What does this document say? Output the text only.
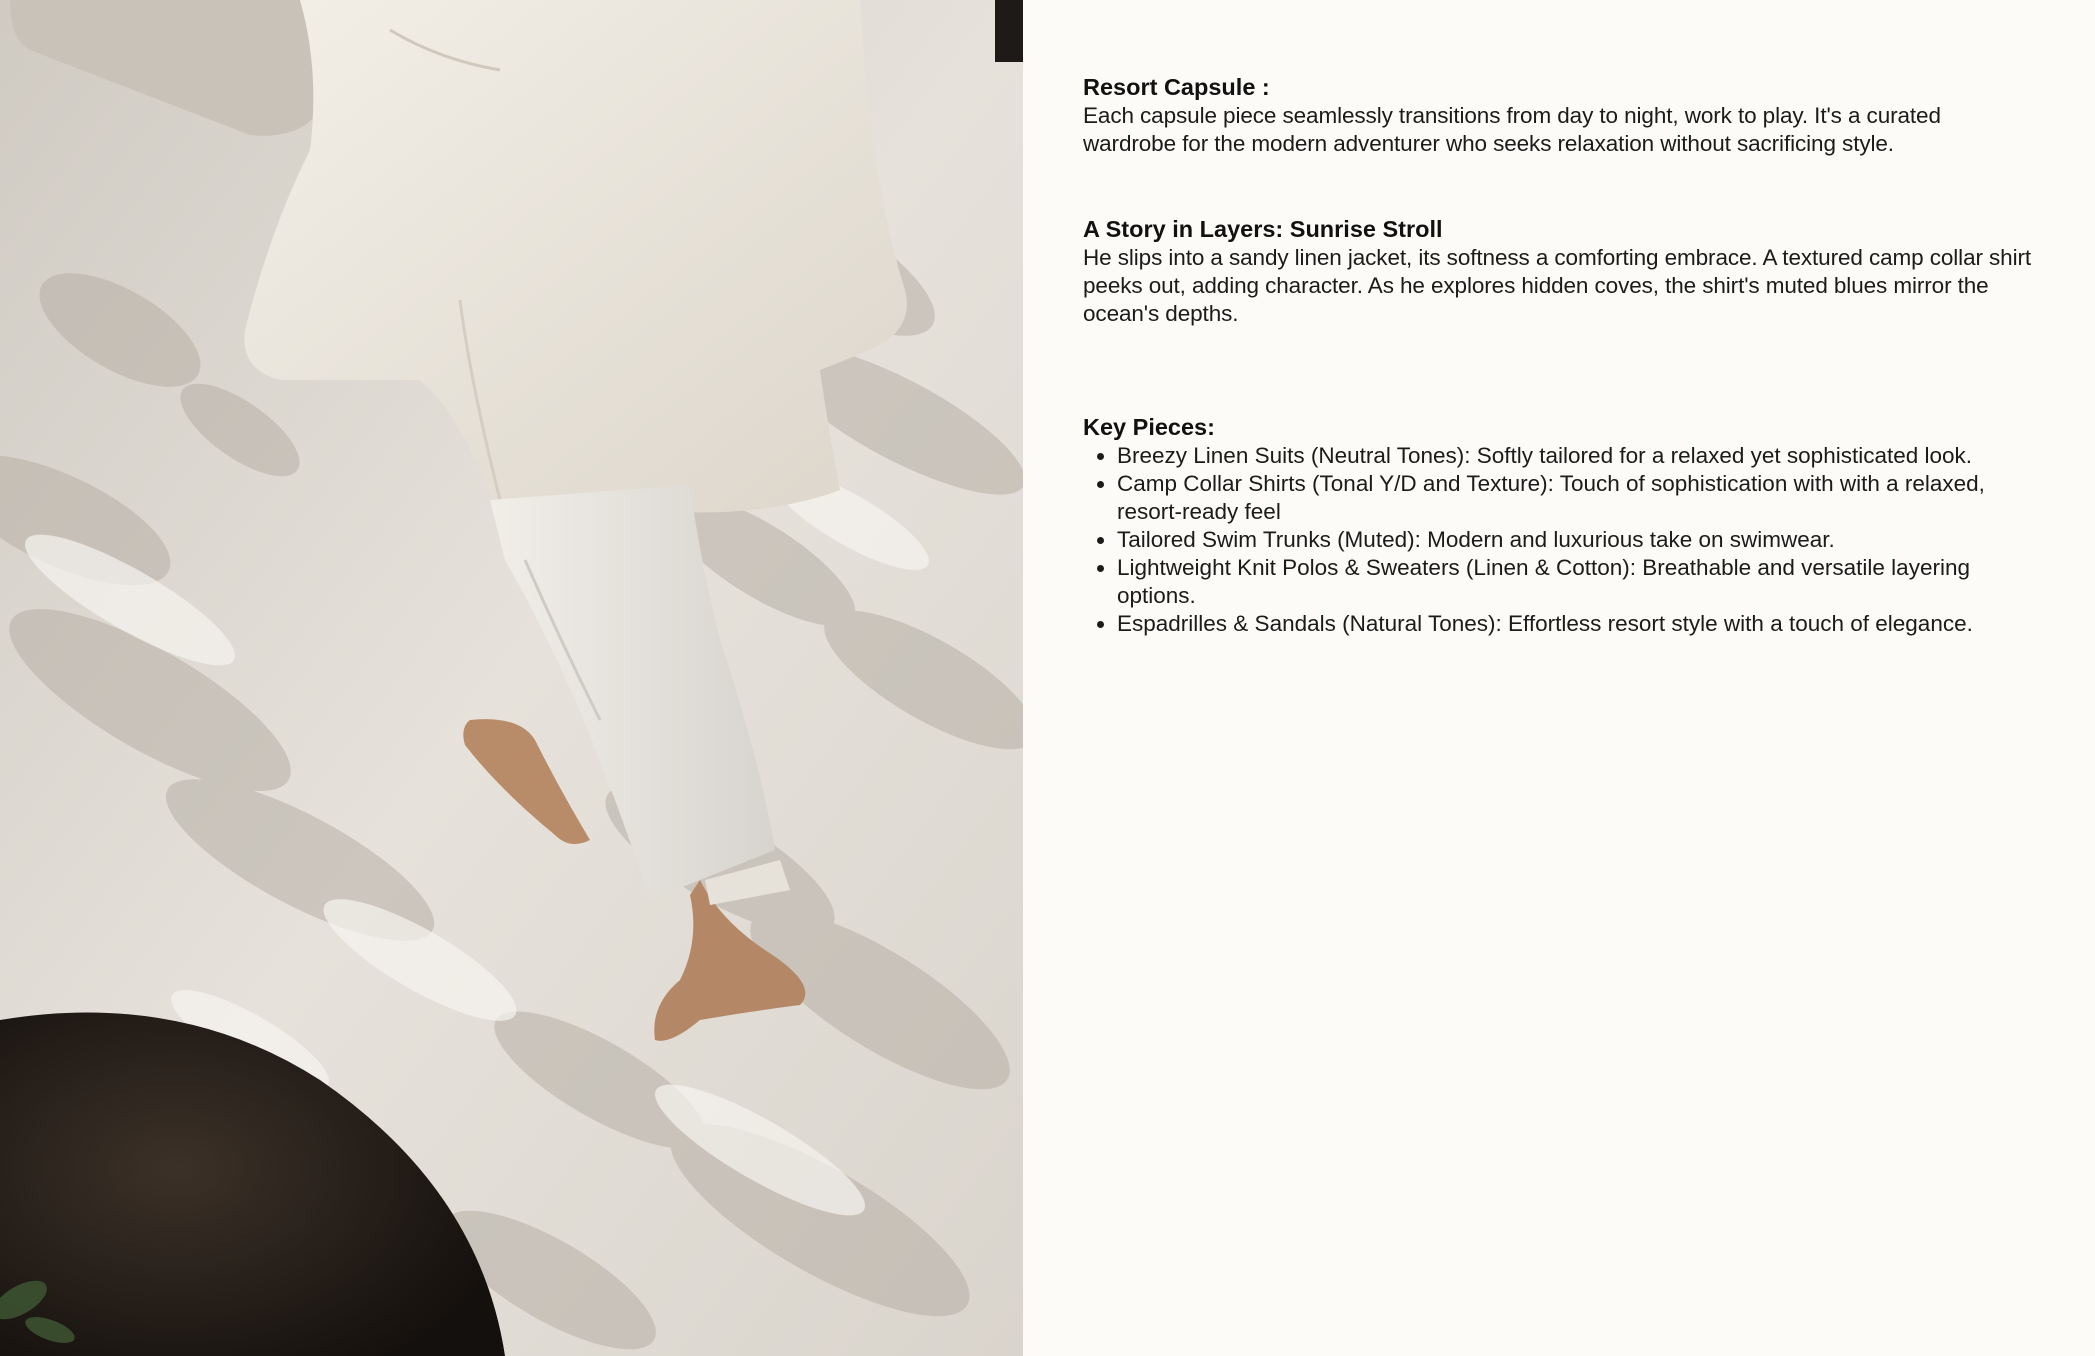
Resort Capsule :

Each capsule piece seamlessly transitions from day to night, work to play. It's a curated wardrobe for the modern adventurer who seeks relaxation without sacrificing style.

A Story in Layers: Sunrise Stroll

He slips into a sandy linen jacket, its softness a comforting embrace. A textured camp collar shirt peeks out, adding character. As he explores hidden coves, the shirt's muted blues mirror the ocean's depths.

Key Pieces:
Breezy Linen Suits (Neutral Tones): Softly tailored for a relaxed yet sophisticated look.
Camp Collar Shirts (Tonal Y/D and Texture): Touch of sophistication with with a relaxed, resort-ready feel
Tailored Swim Trunks (Muted): Modern and luxurious take on swimwear.
Lightweight Knit Polos & Sweaters (Linen & Cotton): Breathable and versatile layering options.
Espadrilles & Sandals (Natural Tones): Effortless resort style with a touch of elegance.
